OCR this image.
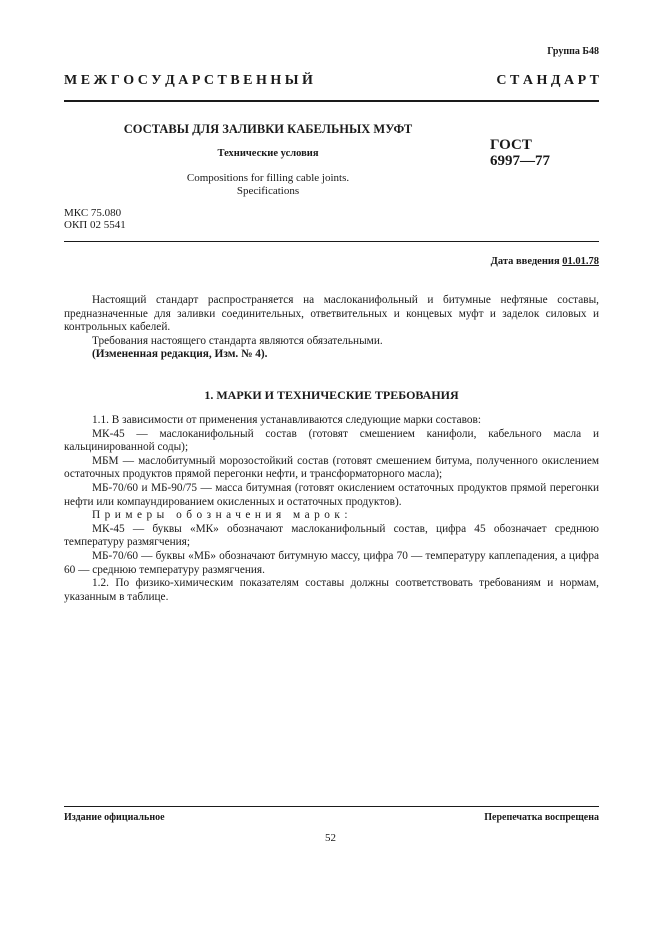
Группа Б48
М Е Ж Г О С У Д А Р С Т В Е Н Н Ы Й	С Т А Н Д А Р Т
СОСТАВЫ ДЛЯ ЗАЛИВКИ КАБЕЛЬНЫХ МУФТ
Технические условия
Compositions for filling cable joints.
Specifications
ГОСТ
6997—77
МКС 75.080
ОКП 02 5541
Дата введения 01.01.78

Настоящий стандарт распространяется на маслоканифольный и битумные нефтяные составы, предназначенные для заливки соединительных, ответвительных и концевых муфт и заделок силовых и контрольных кабелей.

Требования настоящего стандарта являются обязательными.

(Измененная редакция, Изм. № 4).

1. МАРКИ И ТЕХНИЧЕСКИЕ ТРЕБОВАНИЯ

1.1. В зависимости от применения устанавливаются следующие марки составов:

МК-45 — маслоканифольный состав (готовят смешением канифоли, кабельного масла и кальцинированной соды);

МБМ — маслобитумный морозостойкий состав (готовят смешением битума, полученного окислением остаточных продуктов прямой перегонки нефти, и трансформаторного масла);

МБ-70/60 и МБ-90/75 — масса битумная (готовят окислением остаточных продуктов прямой перегонки нефти или компаундированием окисленных и остаточных продуктов).

Примеры обозначения марок:

МК-45 — буквы «МК» обозначают маслоканифольный состав, цифра 45 обозначает среднюю температуру размягчения;

МБ-70/60 — буквы «МБ» обозначают битумную массу, цифра 70 — температуру каплепадения, а цифра 60 — среднюю температуру размягчения.

1.2. По физико-химическим показателям составы должны соответствовать требованиям и нормам, указанным в таблице.

Издание официальное	Перепечатка воспрещена
52
